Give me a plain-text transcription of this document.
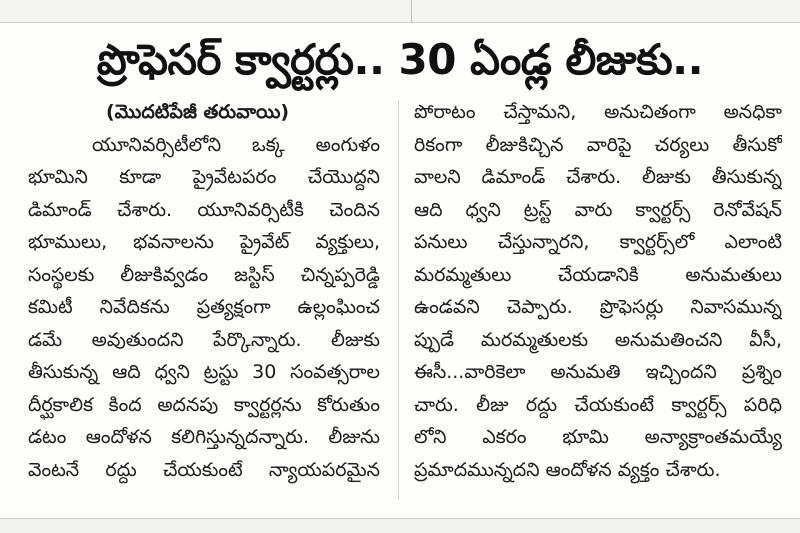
ప్రొఫెసర్ క్వార్టర్లు.. 30 ఏండ్ల లీజుకు..
(మొదటిపేజీ తరువాయి)
యూనివర్సిటీలోని ఒక్క అంగుళం
భూమిని కూడా ప్రైవేటపరం చేయొద్దని
డిమాండ్ చేశారు. యూనివర్సిటీకి చెందిన
భూములు, భవనాలను ప్రైవేట్ వ్యక్తులు,
సంస్థలకు లీజుకివ్వడం జస్టిస్ చిన్నప్పరెడ్డి
కమిటీ నివేదికను ప్రత్యక్షంగా ఉల్లంఘించ
డమే అవుతుందని పేర్కొన్నారు. లీజుకు
తీసుకున్న ఆది ధ్వని ట్రస్టు 30 సంవత్సరాల
దీర్ఘకాలిక కింద అదనపు క్వార్టర్లను కోరుతుం
డటం ఆందోళన కలిగిస్తున్నదన్నారు. లీజును
వెంటనే రద్దు చేయకుంటే న్యాయపరమైన
పోరాటం చేస్తామని, అనుచితంగా అనధికా
రికంగా లీజుకిచ్చిన వారిపై చర్యలు తీసుకో
వాలని డిమాండ్ చేశారు. లీజుకు తీసుకున్న
ఆది ధ్వని ట్రస్ట్ వారు క్వార్టర్స్ రెనోవేషన్
పనులు చేస్తున్నారని, క్వార్టర్స్‌లో ఎలాంటి
మరమ్మతులు చేయడానికి అనుమతులు
ఉండవని చెప్పారు. ప్రొఫెసర్లు నివాసమున్న
ప్పుడే మరమ్మతులకు అనుమతించని వీసీ,
ఈసీ...వారికెలా అనుమతి ఇచ్చిందని ప్రశ్నిం
చారు. లీజు రద్దు చేయకుంటే క్వార్టర్స్ పరిధి
లోని ఎకరం భూమి అన్యాక్రాంతమయ్యే
ప్రమాదమున్నదని ఆందోళన వ్యక్తం చేశారు.
